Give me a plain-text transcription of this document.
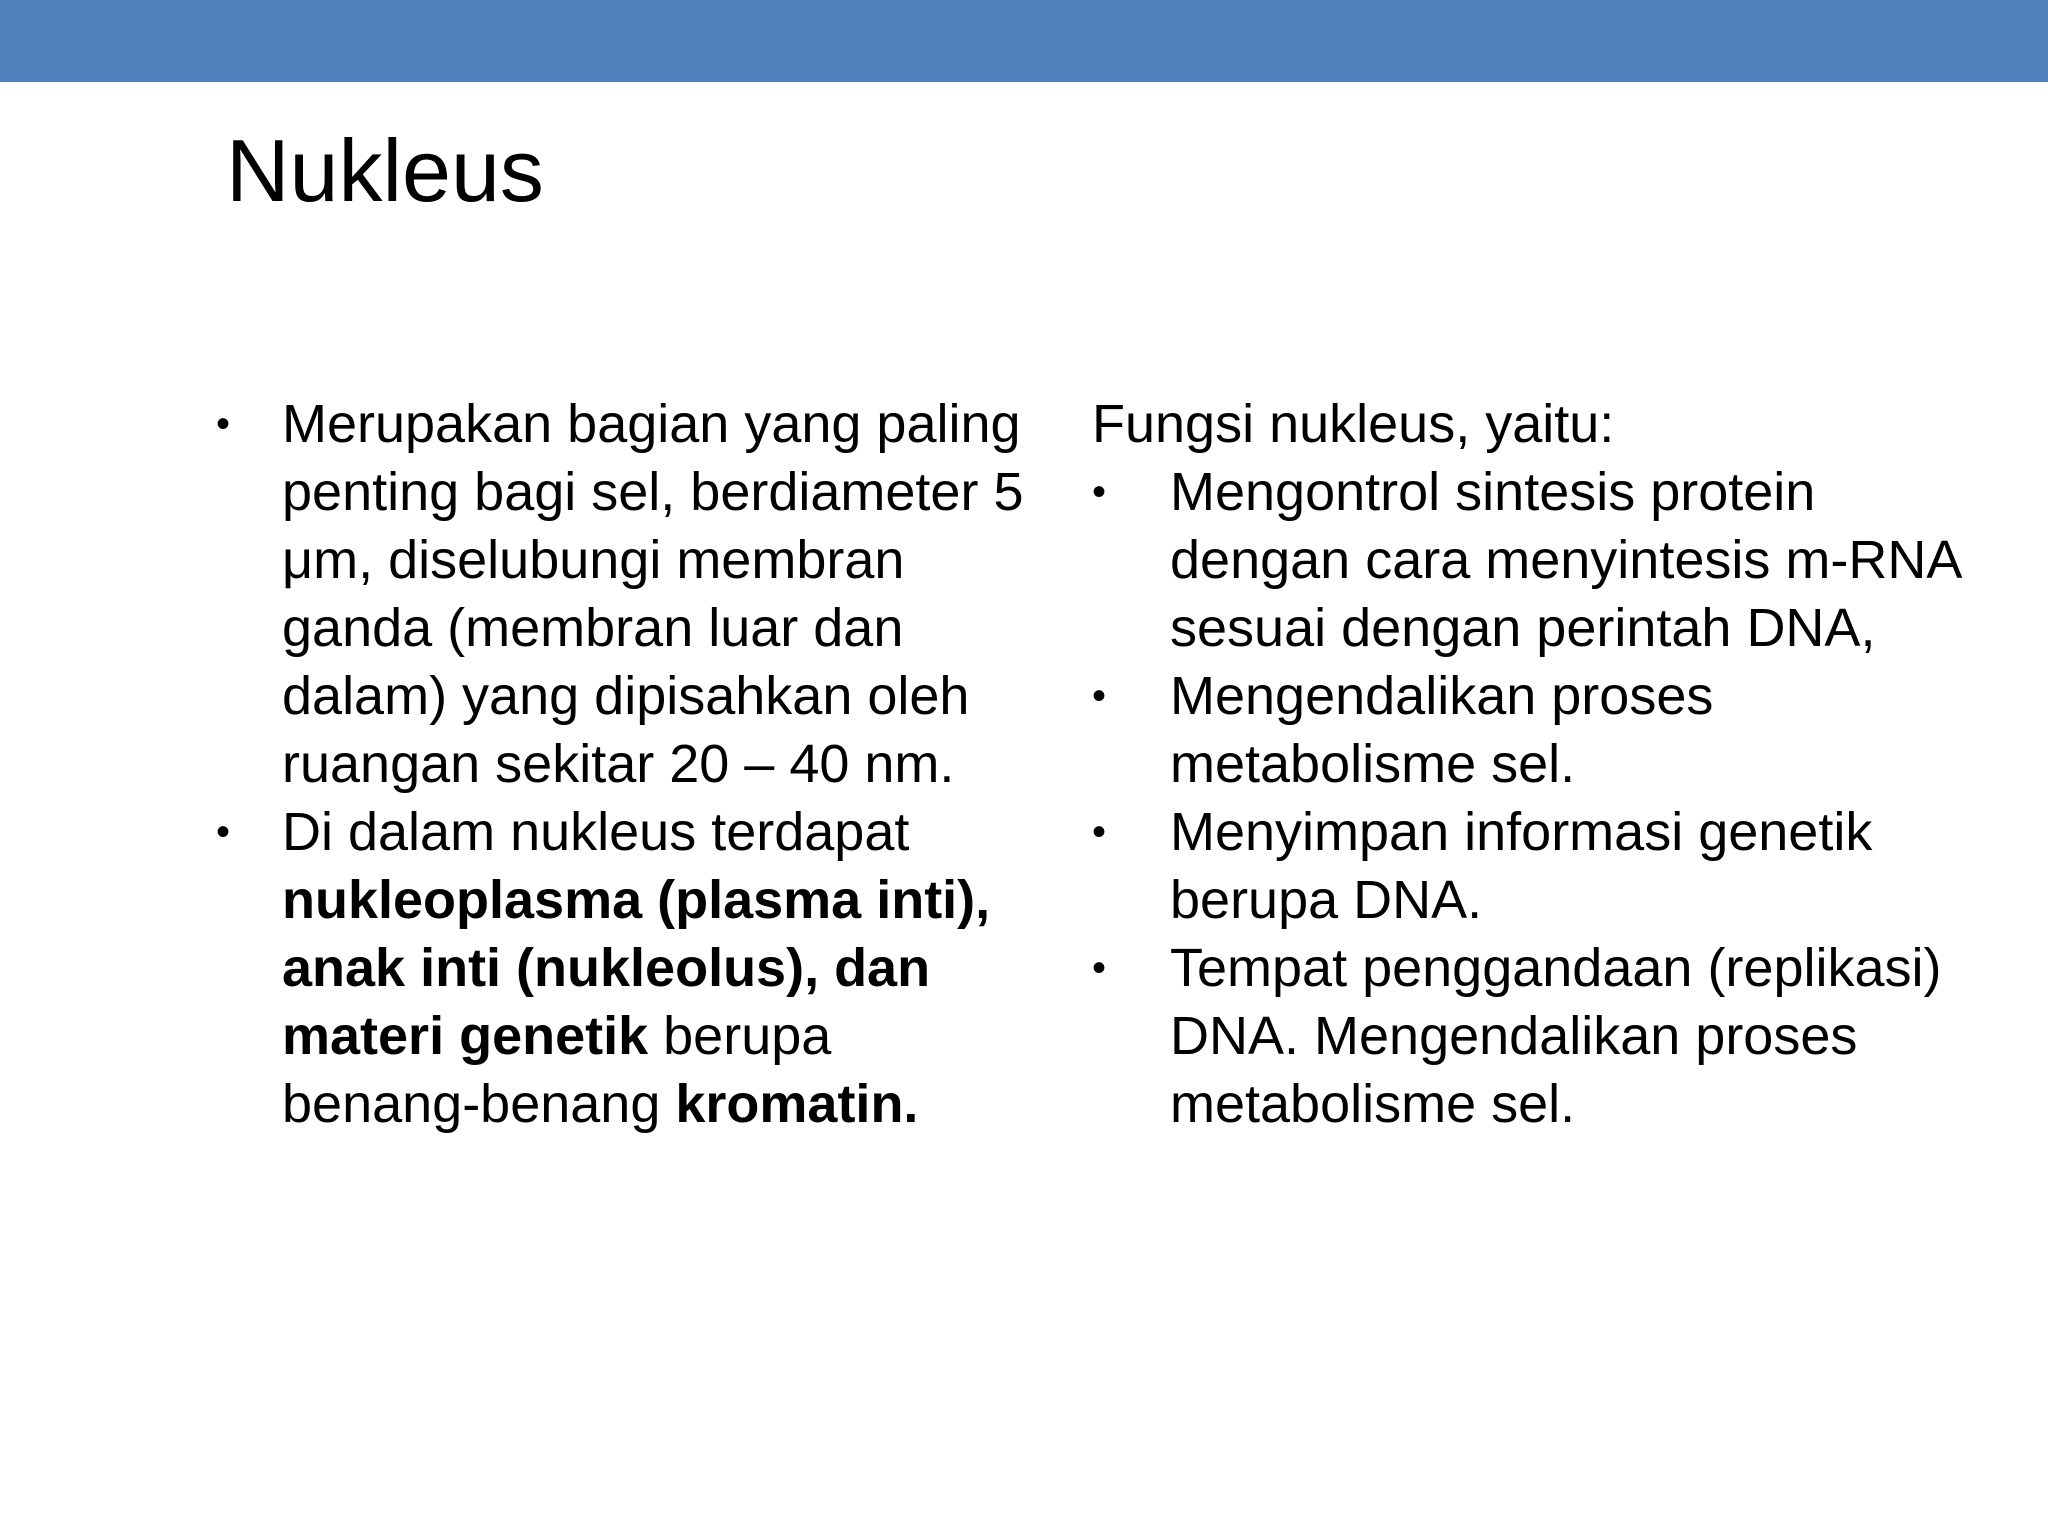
Nukleus
• Merupakan bagian yang paling penting bagi sel, berdiameter 5 μm, diselubungi membran ganda (membran luar dan dalam) yang dipisahkan oleh ruangan sekitar 20 – 40 nm.
• Di dalam nukleus terdapat nukleoplasma (plasma inti), anak inti (nukleolus), dan materi genetik berupa benang-benang kromatin.

Fungsi nukleus, yaitu:

• Mengontrol sintesis protein dengan cara menyintesis m-RNA sesuai dengan perintah DNA,
• Mengendalikan proses metabolisme sel.
• Menyimpan informasi genetik berupa DNA.
• Tempat penggandaan (replikasi) DNA. Mengendalikan proses metabolisme sel.
